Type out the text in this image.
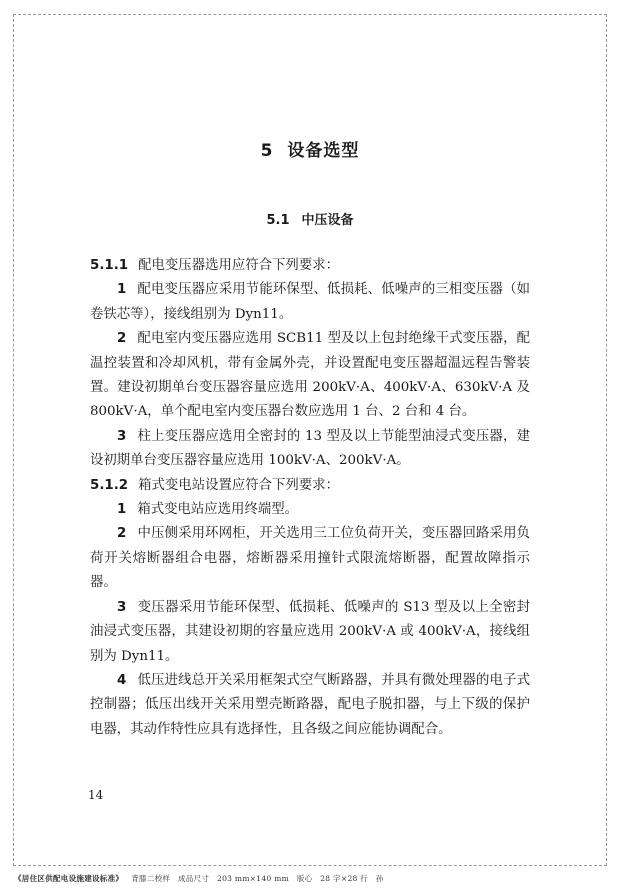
5 设备选型
5.1 中压设备

5.1.1 配电变压器选用应符合下列要求：

1 配电变压器应采用节能环保型、低损耗、低噪声的三相变压器（如卷铁芯等），接线组别为 Dyn11。

2 配电室内变压器应选用 SCB11 型及以上包封绝缘干式变压器，配温控装置和冷却风机，带有金属外壳，并设置配电变压器超温远程告警装置。建设初期单台变压器容量应选用 200kV·A、400kV·A、630kV·A 及 800kV·A，单个配电室内变压器台数应选用 1 台、2 台和 4 台。

3 柱上变压器应选用全密封的 13 型及以上节能型油浸式变压器，建设初期单台变压器容量应选用 100kV·A、200kV·A。

5.1.2 箱式变电站设置应符合下列要求：

1 箱式变电站应选用终端型。

2 中压侧采用环网柜，开关选用三工位负荷开关，变压器回路采用负荷开关熔断器组合电器，熔断器采用撞针式限流熔断器，配置故障指示器。

3 变压器采用节能环保型、低损耗、低噪声的 S13 型及以上全密封油浸式变压器，其建设初期的容量应选用 200kV·A 或 400kV·A，接线组别为 Dyn11。

4 低压进线总开关采用框架式空气断路器，并具有微处理器的电子式控制器；低压出线开关采用塑壳断路器，配电子脱扣器，与上下级的保护电器，其动作特性应具有选择性，且各级之间应能协调配合。

14
《居住区供配电设施建设标准》 背膝二校样　成品尺寸　203 mm×140 mm　版心　28 字×28 行　孙
